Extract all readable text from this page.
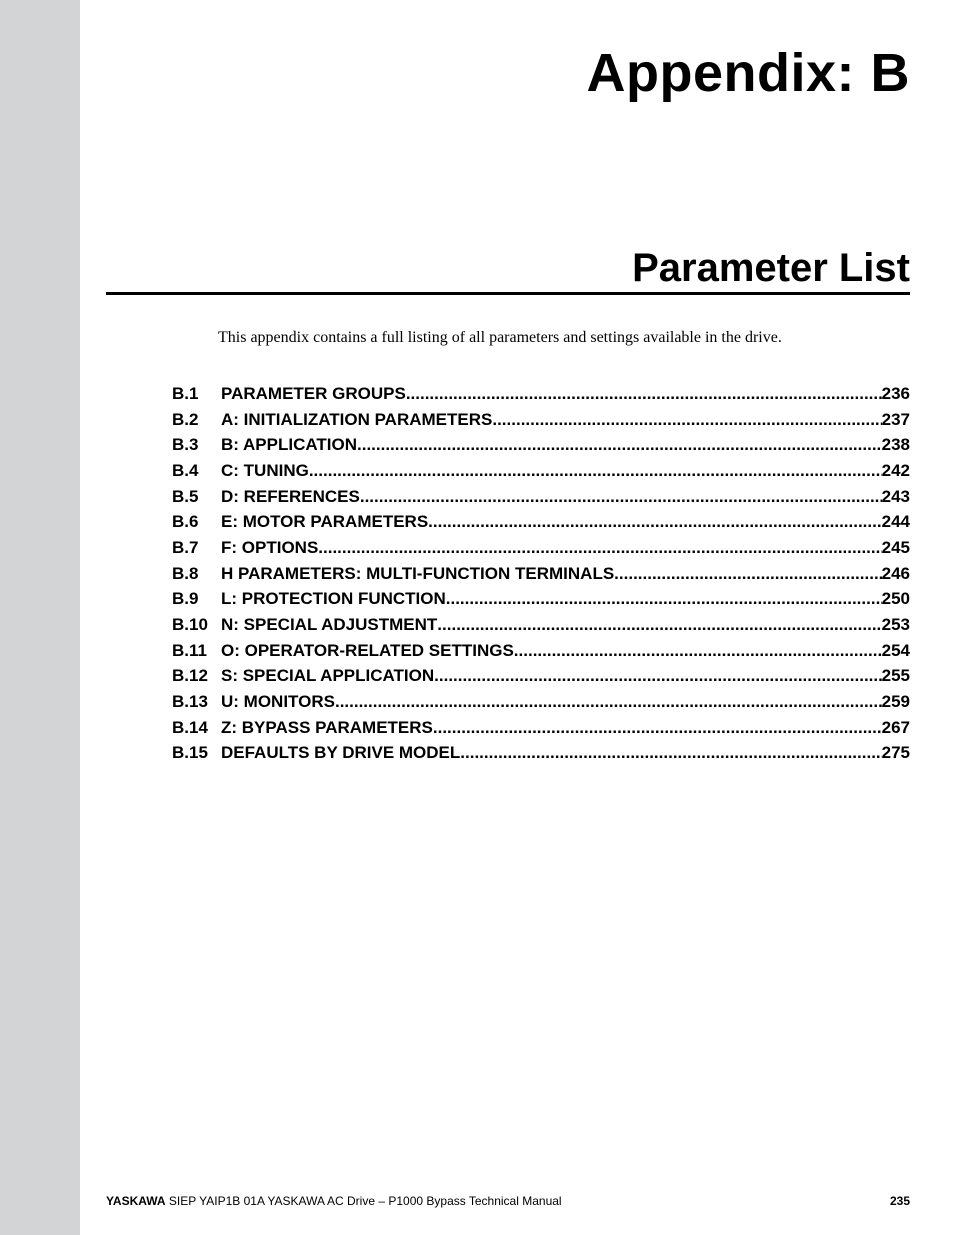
Appendix: B
Parameter List
This appendix contains a full listing of all parameters and settings available in the drive.
B.1	PARAMETER GROUPS .....	236
B.2	A: INITIALIZATION PARAMETERS .....	237
B.3	B: APPLICATION .....	238
B.4	C: TUNING .....	242
B.5	D: REFERENCES .....	243
B.6	E: MOTOR PARAMETERS .....	244
B.7	F: OPTIONS .....	245
B.8	H PARAMETERS: MULTI-FUNCTION TERMINALS .....	246
B.9	L: PROTECTION FUNCTION .....	250
B.10 N: SPECIAL ADJUSTMENT .....	253
B.11 O: OPERATOR-RELATED SETTINGS .....	254
B.12 S: SPECIAL APPLICATION .....	255
B.13 U: MONITORS .....	259
B.14 Z: BYPASS PARAMETERS .....	267
B.15 DEFAULTS BY DRIVE MODEL .....	275
YASKAWA SIEP YAIP1B 01A YASKAWA AC Drive – P1000 Bypass Technical Manual	235
